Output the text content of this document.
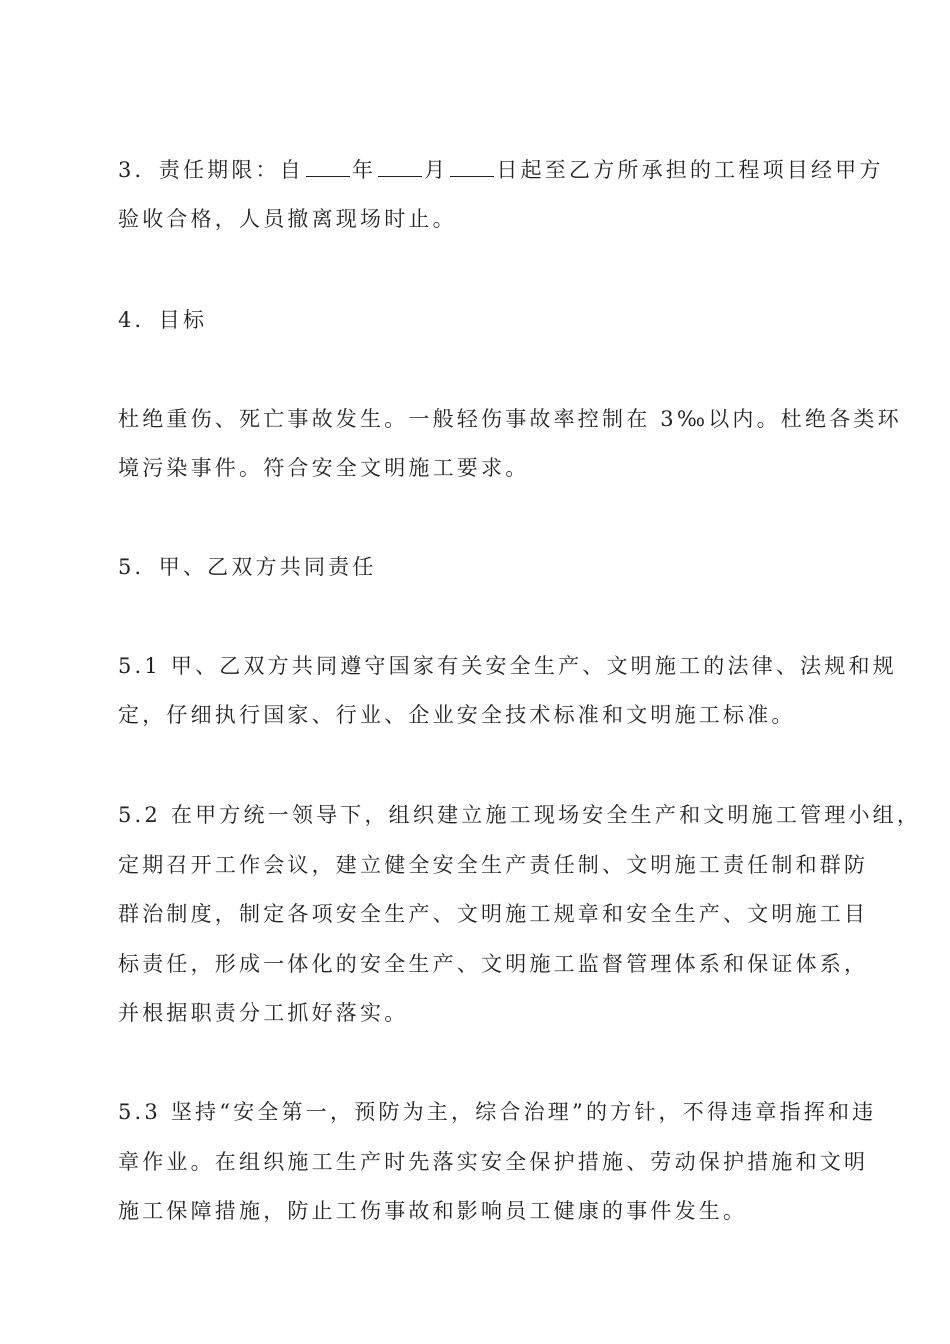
3．责任期限：自 年 月 日起至乙方所承担的工程项目经甲方
验收合格，人员撤离现场时止。
4．目标
杜绝重伤、死亡事故发生。一般轻伤事故率控制在 3‰以内。杜绝各类环
境污染事件。符合安全文明施工要求。
5．甲、乙双方共同责任
5.1 甲、乙双方共同遵守国家有关安全生产、文明施工的法律、法规和规
定，仔细执行国家、行业、企业安全技术标准和文明施工标准。
5.2 在甲方统一领导下，组织建立施工现场安全生产和文明施工管理小组，
定期召开工作会议，建立健全安全生产责任制、文明施工责任制和群防
群治制度，制定各项安全生产、文明施工规章和安全生产、文明施工目
标责任，形成一体化的安全生产、文明施工监督管理体系和保证体系，
并根据职责分工抓好落实。
5.3 坚持“安全第一，预防为主，综合治理”的方针，不得违章指挥和违
章作业。在组织施工生产时先落实安全保护措施、劳动保护措施和文明
施工保障措施，防止工伤事故和影响员工健康的事件发生。
